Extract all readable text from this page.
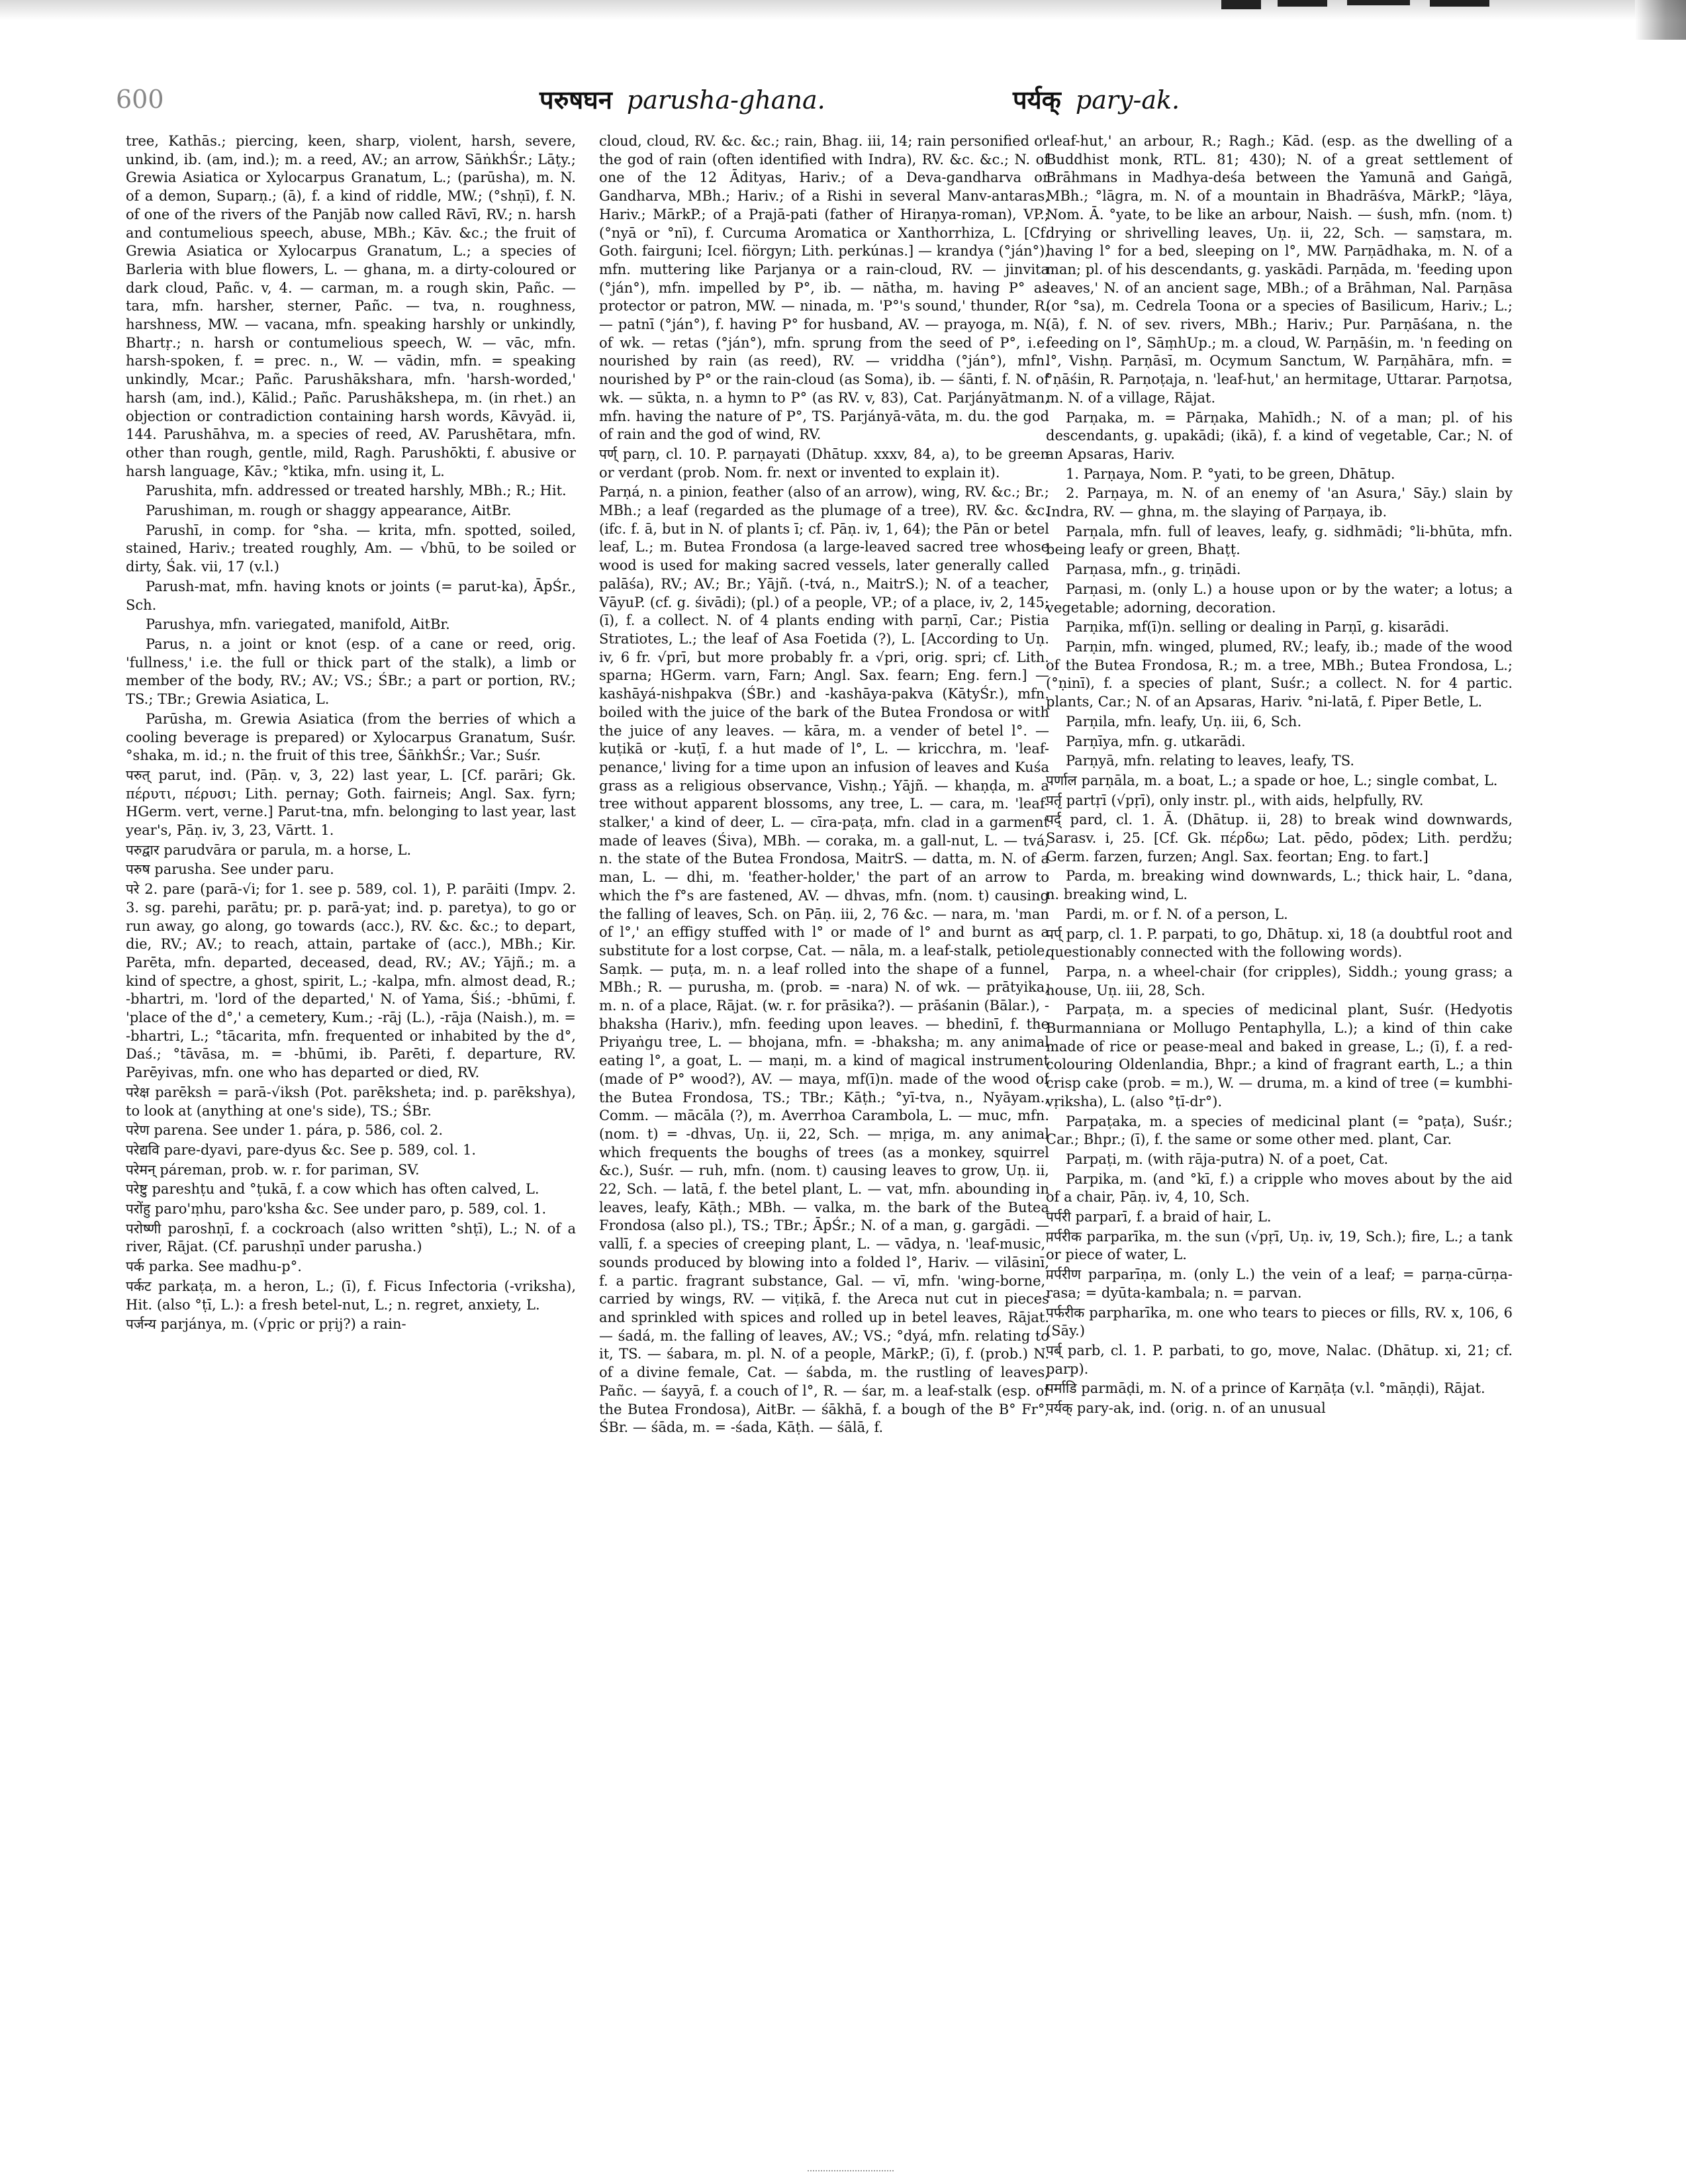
600	परुषघन parusha-ghana.	पर्यक् pary-ak.

tree, Kathās.; piercing, keen, sharp, violent, harsh, severe, unkind, ib. (am, ind.); m. a reed, AV.; an arrow, SāṅkhŚr.; Lāṭy.; Grewia Asiatica or Xylocarpus Granatum, L.; (parūsha), m. N. of a demon, Suparṇ.; (ā), f. a kind of riddle, MW.; (°shṇī), f. N. of one of the rivers of the Panjāb now called Rāvī, RV.; n. harsh and contumelious speech, abuse, MBh.; Kāv. &c.; the fruit of Grewia Asiatica or Xylocarpus Granatum, L.; a species of Barleria with blue flowers, L. — ghana, m. a dirty-coloured or dark cloud, Pañc. v, 4. — carman, m. a rough skin, Pañc. — tara, mfn. harsher, sterner, Pañc. — tva, n. roughness, harshness, MW. — vacana, mfn. speaking harshly or unkindly, Bhartṛ.; n. harsh or contumelious speech, W. — vāc, mfn. harsh-spoken, f. = prec. n., W. — vādin, mfn. = speaking unkindly, Mcar.; Pañc. Parushākshara, mfn. 'harsh-worded,' harsh (am, ind.), Kālid.; Pañc. Parushākshepa, m. (in rhet.) an objection or contradiction containing harsh words, Kāvyād. ii, 144. Parushāhva, m. a species of reed, AV. Parushētara, mfn. other than rough, gentle, mild, Ragh. Parushōkti, f. abusive or harsh language, Kāv.; °ktika, mfn. using it, L.

Parushita, mfn. addressed or treated harshly, MBh.; R.; Hit.

Parushiman, m. rough or shaggy appearance, AitBr.

Parushī, in comp. for °sha. — krita, mfn. spotted, soiled, stained, Hariv.; treated roughly, Am. — √bhū, to be soiled or dirty, Śak. vii, 17 (v.l.)

Parush-mat, mfn. having knots or joints (= parut-ka), ĀpŚr., Sch.

Parushya, mfn. variegated, manifold, AitBr.

Parus, n. a joint or knot (esp. of a cane or reed, orig. 'fullness,' i.e. the full or thick part of the stalk), a limb or member of the body, RV.; AV.; VS.; ŚBr.; a part or portion, RV.; TS.; TBr.; Grewia Asiatica, L.

Parūsha, m. Grewia Asiatica (from the berries of which a cooling beverage is prepared) or Xylocarpus Granatum, Suśr. °shaka, m. id.; n. the fruit of this tree, ŚāṅkhŚr.; Var.; Suśr.

परुत् parut, ind. (Pāṇ. v, 3, 22) last year, L. [Cf. parāri; Gk. πέρυτι, πέρυσι; Lith. pernay; Goth. fairneis; Angl. Sax. fyrn; HGerm. vert, verne.] Parut-tna, mfn. belonging to last year, last year's, Pāṇ. iv, 3, 23, Vārtt. 1.

परुद्वार parudvāra or parula, m. a horse, L.

परुष parusha. See under paru.

परे 2. pare (parā-√i; for 1. see p. 589, col. 1), P. parāiti (Impv. 2. 3. sg. parehi, parātu; pr. p. parā-yat; ind. p. paretya), to go or run away, go along, go towards (acc.), RV. &c. &c.; to depart, die, RV.; AV.; to reach, attain, partake of (acc.), MBh.; Kir. Parēta, mfn. departed, deceased, dead, RV.; AV.; Yājñ.; m. a kind of spectre, a ghost, spirit, L.; -kalpa, mfn. almost dead, R.; -bhartri, m. 'lord of the departed,' N. of Yama, Śiś.; -bhūmi, f. 'place of the d°,' a cemetery, Kum.; -rāj (L.), -rāja (Naish.), m. = -bhartri, L.; °tācarita, mfn. frequented or inhabited by the d°, Daś.; °tāvāsa, m. = -bhūmi, ib. Parēti, f. departure, RV. Parēyivas, mfn. one who has departed or died, RV.

परेक्ष parēksh = parā-√iksh (Pot. parēksheta; ind. p. parēkshya), to look at (anything at one's side), TS.; ŚBr.

परेण parena. See under 1. pára, p. 586, col. 2.

परेद्यवि pare-dyavi, pare-dyus &c. See p. 589, col. 1.

परेमन् páreman, prob. w. r. for pariman, SV.

परेष्टु pareshṭu and °ṭukā, f. a cow which has often calved, L.

परोंहु paro'ṃhu, paro'ksha &c. See under paro, p. 589, col. 1.

परोष्णी paroshṇī, f. a cockroach (also written °shṭī), L.; N. of a river, Rājat. (Cf. parushṇī under parusha.)

पर्क parka. See madhu-p°.

पर्कट parkaṭa, m. a heron, L.; (ī), f. Ficus Infectoria (-vriksha), Hit. (also °ṭī, L.): a fresh betel-nut, L.; n. regret, anxiety, L.

पर्जन्य parjánya, m. (√pṛic or pṛij?) a rain-

cloud, cloud, RV. &c. &c.; rain, Bhag. iii, 14; rain personified or the god of rain (often identified with Indra), RV. &c. &c.; N. of one of the 12 Ādityas, Hariv.; of a Deva-gandharva or Gandharva, MBh.; Hariv.; of a Rishi in several Manv-antaras, Hariv.; MārkP.; of a Prajā-pati (father of Hiraṇya-roman), VP.; (°nyā or °nī), f. Curcuma Aromatica or Xanthorrhiza, L. [Cf. Goth. fairguni; Icel. fiörgyn; Lith. perkúnas.] — krandya (°ján°), mfn. muttering like Parjanya or a rain-cloud, RV. — jinvita (°ján°), mfn. impelled by P°, ib. — nātha, m. having P° as protector or patron, MW. — ninada, m. 'P°'s sound,' thunder, R. — patnī (°ján°), f. having P° for husband, AV. — prayoga, m. N. of wk. — retas (°ján°), mfn. sprung from the seed of P°, i.e. nourished by rain (as reed), RV. — vriddha (°ján°), mfn. nourished by P° or the rain-cloud (as Soma), ib. — śānti, f. N. of wk. — sūkta, n. a hymn to P° (as RV. v, 83), Cat. Parjányātman, mfn. having the nature of P°, TS. Parjányā-vāta, m. du. the god of rain and the god of wind, RV.

पर्ण् parṇ, cl. 10. P. parṇayati (Dhātup. xxxv, 84, a), to be green or verdant (prob. Nom. fr. next or invented to explain it).

Parṇá, n. a pinion, feather (also of an arrow), wing, RV. &c.; Br.; MBh.; a leaf (regarded as the plumage of a tree), RV. &c. &c. (ifc. f. ā, but in N. of plants ī; cf. Pāṇ. iv, 1, 64); the Pān or betel leaf, L.; m. Butea Frondosa (a large-leaved sacred tree whose wood is used for making sacred vessels, later generally called palāśa), RV.; AV.; Br.; Yājñ. (-tvá, n., MaitrS.); N. of a teacher, VāyuP. (cf. g. śivādi); (pl.) of a people, VP.; of a place, iv, 2, 145; (ī), f. a collect. N. of 4 plants ending with parṇī, Car.; Pistia Stratiotes, L.; the leaf of Asa Foetida (?), L. [According to Uṇ. iv, 6 fr. √prī, but more probably fr. a √pri, orig. spri; cf. Lith. sparna; HGerm. varn, Farn; Angl. Sax. fearn; Eng. fern.] — kashāyá-nishpakva (ŚBr.) and -kashāya-pakva (KātyŚr.), mfn. boiled with the juice of the bark of the Butea Frondosa or with the juice of any leaves. — kāra, m. a vender of betel l°. — kuṭikā or -kuṭī, f. a hut made of l°, L. — kricchra, m. 'leaf-penance,' living for a time upon an infusion of leaves and Kuśa grass as a religious observance, Vishṇ.; Yājñ. — khaṇḍa, m. a tree without apparent blossoms, any tree, L. — cara, m. 'leaf-stalker,' a kind of deer, L. — cīra-paṭa, mfn. clad in a garment made of leaves (Śiva), MBh. — coraka, m. a gall-nut, L. — tvá, n. the state of the Butea Frondosa, MaitrS. — datta, m. N. of a man, L. — dhi, m. 'feather-holder,' the part of an arrow to which the f°s are fastened, AV. — dhvas, mfn. (nom. t) causing the falling of leaves, Sch. on Pāṇ. iii, 2, 76 &c. — nara, m. 'man of l°,' an effigy stuffed with l° or made of l° and burnt as a substitute for a lost corpse, Cat. — nāla, m. a leaf-stalk, petiole, Saṃk. — puṭa, m. n. a leaf rolled into the shape of a funnel, MBh.; R. — purusha, m. (prob. = -nara) N. of wk. — prātyika, m. n. of a place, Rājat. (w. r. for prāsika?). — prāśanin (Bālar.), -bhaksha (Hariv.), mfn. feeding upon leaves. — bhedinī, f. the Priyaṅgu tree, L. — bhojana, mfn. = -bhaksha; m. any animal eating l°, a goat, L. — maṇi, m. a kind of magical instrument (made of P° wood?), AV. — maya, mf(ī)n. made of the wood of the Butea Frondosa, TS.; TBr.; Kāṭh.; °yī-tva, n., Nyāyam., Comm. — mācāla (?), m. Averrhoa Carambola, L. — muc, mfn. (nom. t) = -dhvas, Uṇ. ii, 22, Sch. — mṛiga, m. any animal which frequents the boughs of trees (as a monkey, squirrel &c.), Suśr. — ruh, mfn. (nom. t) causing leaves to grow, Uṇ. ii, 22, Sch. — latā, f. the betel plant, L. — vat, mfn. abounding in leaves, leafy, Kāṭh.; MBh. — valka, m. the bark of the Butea Frondosa (also pl.), TS.; TBr.; ĀpŚr.; N. of a man, g. gargādi. — vallī, f. a species of creeping plant, L. — vādya, n. 'leaf-music,' sounds produced by blowing into a folded l°, Hariv. — vilāsinī, f. a partic. fragrant substance, Gal. — vī, mfn. 'wing-borne,' carried by wings, RV. — viṭikā, f. the Areca nut cut in pieces and sprinkled with spices and rolled up in betel leaves, Rājat. — śadá, m. the falling of leaves, AV.; VS.; °dyá, mfn. relating to it, TS. — śabara, m. pl. N. of a people, MārkP.; (ī), f. (prob.) N. of a divine female, Cat. — śabda, m. the rustling of leaves, Pañc. — śayyā, f. a couch of l°, R. — śar, m. a leaf-stalk (esp. of the Butea Frondosa), AitBr. — śākhā, f. a bough of the B° Fr°, ŚBr. — śāda, m. = -śada, Kāṭh. — śālā, f.

'leaf-hut,' an arbour, R.; Ragh.; Kād. (esp. as the dwelling of a Buddhist monk, RTL. 81; 430); N. of a great settlement of Brāhmans in Madhya-deśa between the Yamunā and Gaṅgā, MBh.; °lāgra, m. N. of a mountain in Bhadrāśva, MārkP.; °lāya, Nom. Ā. °yate, to be like an arbour, Naish. — śush, mfn. (nom. t) drying or shrivelling leaves, Uṇ. ii, 22, Sch. — saṃstara, m. having l° for a bed, sleeping on l°, MW. Parṇādhaka, m. N. of a man; pl. of his descendants, g. yaskādi. Parṇāda, m. 'feeding upon leaves,' N. of an ancient sage, MBh.; of a Brāhman, Nal. Parṇāsa (or °sa), m. Cedrela Toona or a species of Basilicum, Hariv.; L.; (ā), f. N. of sev. rivers, MBh.; Hariv.; Pur. Parṇāśana, n. the feeding on l°, SāṃhUp.; m. a cloud, W. Parṇāśin, m. 'n feeding on l°, Vishṇ. Parṇāsī, m. Ocymum Sanctum, W. Parṇāhāra, mfn. = °ṇāśin, R. Parṇoṭaja, n. 'leaf-hut,' an hermitage, Uttarar. Parṇotsa, m. N. of a village, Rājat.

Parṇaka, m. = Pārṇaka, Mahīdh.; N. of a man; pl. of his descendants, g. upakādi; (ikā), f. a kind of vegetable, Car.; N. of an Apsaras, Hariv.

1. Parṇaya, Nom. P. °yati, to be green, Dhātup.

2. Parṇaya, m. N. of an enemy of 'an Asura,' Sāy.) slain by Indra, RV. — ghna, m. the slaying of Parṇaya, ib.

Parṇala, mfn. full of leaves, leafy, g. sidhmādi; °li-bhūta, mfn. being leafy or green, Bhaṭṭ.

Parṇasa, mfn., g. triṇādi.

Parṇasi, m. (only L.) a house upon or by the water; a lotus; a vegetable; adorning, decoration.

Parṇika, mf(ī)n. selling or dealing in Parṇī, g. kisarādi.

Parṇin, mfn. winged, plumed, RV.; leafy, ib.; made of the wood of the Butea Frondosa, R.; m. a tree, MBh.; Butea Frondosa, L.; (°ṇinī), f. a species of plant, Suśr.; a collect. N. for 4 partic. plants, Car.; N. of an Apsaras, Hariv. °ni-latā, f. Piper Betle, L.

Parṇila, mfn. leafy, Uṇ. iii, 6, Sch.

Parṇīya, mfn. g. utkarādi.

Parṇyā, mfn. relating to leaves, leafy, TS.

पर्णाल parṇāla, m. a boat, L.; a spade or hoe, L.; single combat, L.

पर्तृ partṛī (√pṛī), only instr. pl., with aids, helpfully, RV.

पर्द् pard, cl. 1. Ā. (Dhātup. ii, 28) to break wind downwards, Sarasv. i, 25. [Cf. Gk. πέρδω; Lat. pēdo, pōdex; Lith. perdžu; Germ. farzen, furzen; Angl. Sax. feortan; Eng. to fart.]

Parda, m. breaking wind downwards, L.; thick hair, L. °dana, n. breaking wind, L.

Pardi, m. or f. N. of a person, L.

पर्प् parp, cl. 1. P. parpati, to go, Dhātup. xi, 18 (a doubtful root and questionably connected with the following words).

Parpa, n. a wheel-chair (for cripples), Siddh.; young grass; a house, Uṇ. iii, 28, Sch.

Parpaṭa, m. a species of medicinal plant, Suśr. (Hedyotis Burmanniana or Mollugo Pentaphylla, L.); a kind of thin cake made of rice or pease-meal and baked in grease, L.; (ī), f. a red-colouring Oldenlandia, Bhpr.; a kind of fragrant earth, L.; a thin crisp cake (prob. = m.), W. — druma, m. a kind of tree (= kumbhi-vṛiksha), L. (also °ṭī-dr°).

Parpaṭaka, m. a species of medicinal plant (= °paṭa), Suśr.; Car.; Bhpr.; (ī), f. the same or some other med. plant, Car.

Parpaṭi, m. (with rāja-putra) N. of a poet, Cat.

Parpika, m. (and °kī, f.) a cripple who moves about by the aid of a chair, Pāṇ. iv, 4, 10, Sch.

पर्परी parparī, f. a braid of hair, L.

पर्परीक parparīka, m. the sun (√pṛī, Uṇ. iv, 19, Sch.); fire, L.; a tank or piece of water, L.

पर्परीण parparīṇa, m. (only L.) the vein of a leaf; = parṇa-cūrṇa-rasa; = dyūta-kambala; n. = parvan.

पर्फरीक parpharīka, m. one who tears to pieces or fills, RV. x, 106, 6 (Sāy.)

पर्ब् parb, cl. 1. P. parbati, to go, move, Nalac. (Dhātup. xi, 21; cf. parp).

पर्माडि parmāḍi, m. N. of a prince of Karṇāṭa (v.l. °māṇḍi), Rājat.

पर्यक् pary-ak, ind. (orig. n. of an unusual
